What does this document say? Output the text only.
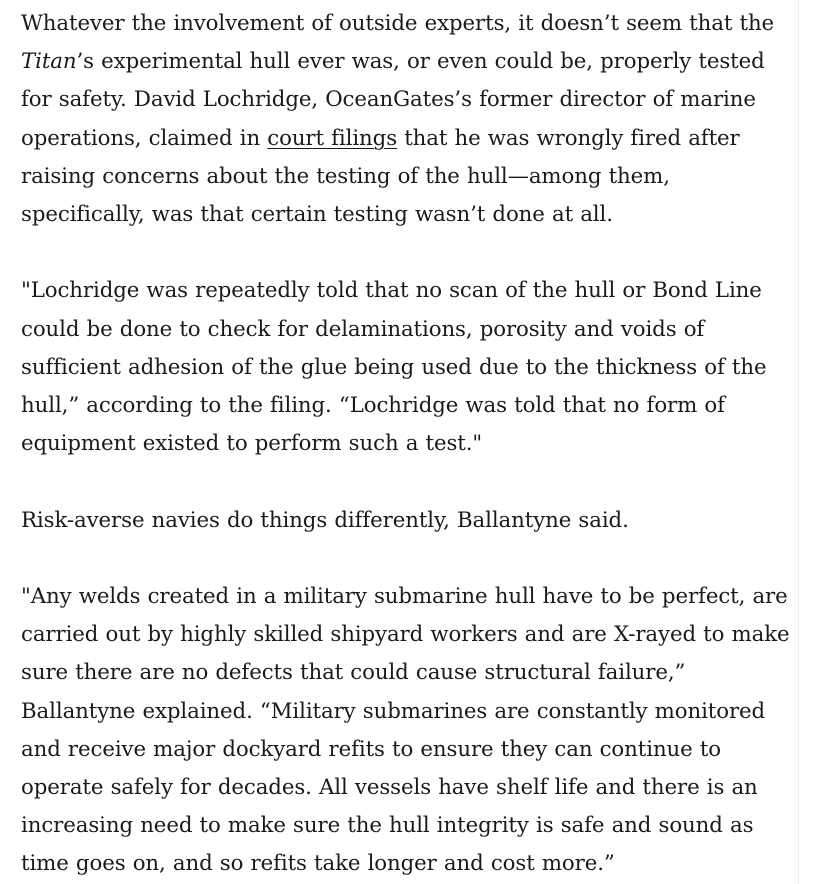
Whatever the involvement of outside experts, it doesn’t seem that the Titan’s experimental hull ever was, or even could be, properly tested for safety. David Lochridge, OceanGates’s former director of marine operations, claimed in court filings that he was wrongly fired after raising concerns about the testing of the hull—among them, specifically, was that certain testing wasn’t done at all.

"Lochridge was repeatedly told that no scan of the hull or Bond Line could be done to check for delaminations, porosity and voids of sufficient adhesion of the glue being used due to the thickness of the hull,” according to the filing. “Lochridge was told that no form of equipment existed to perform such a test."

Risk-averse navies do things differently, Ballantyne said.

"Any welds created in a military submarine hull have to be perfect, are carried out by highly skilled shipyard workers and are X-rayed to make sure there are no defects that could cause structural failure,” Ballantyne explained. “Military submarines are constantly monitored and receive major dockyard refits to ensure they can continue to operate safely for decades. All vessels have shelf life and there is an increasing need to make sure the hull integrity is safe and sound as time goes on, and so refits take longer and cost more.”
